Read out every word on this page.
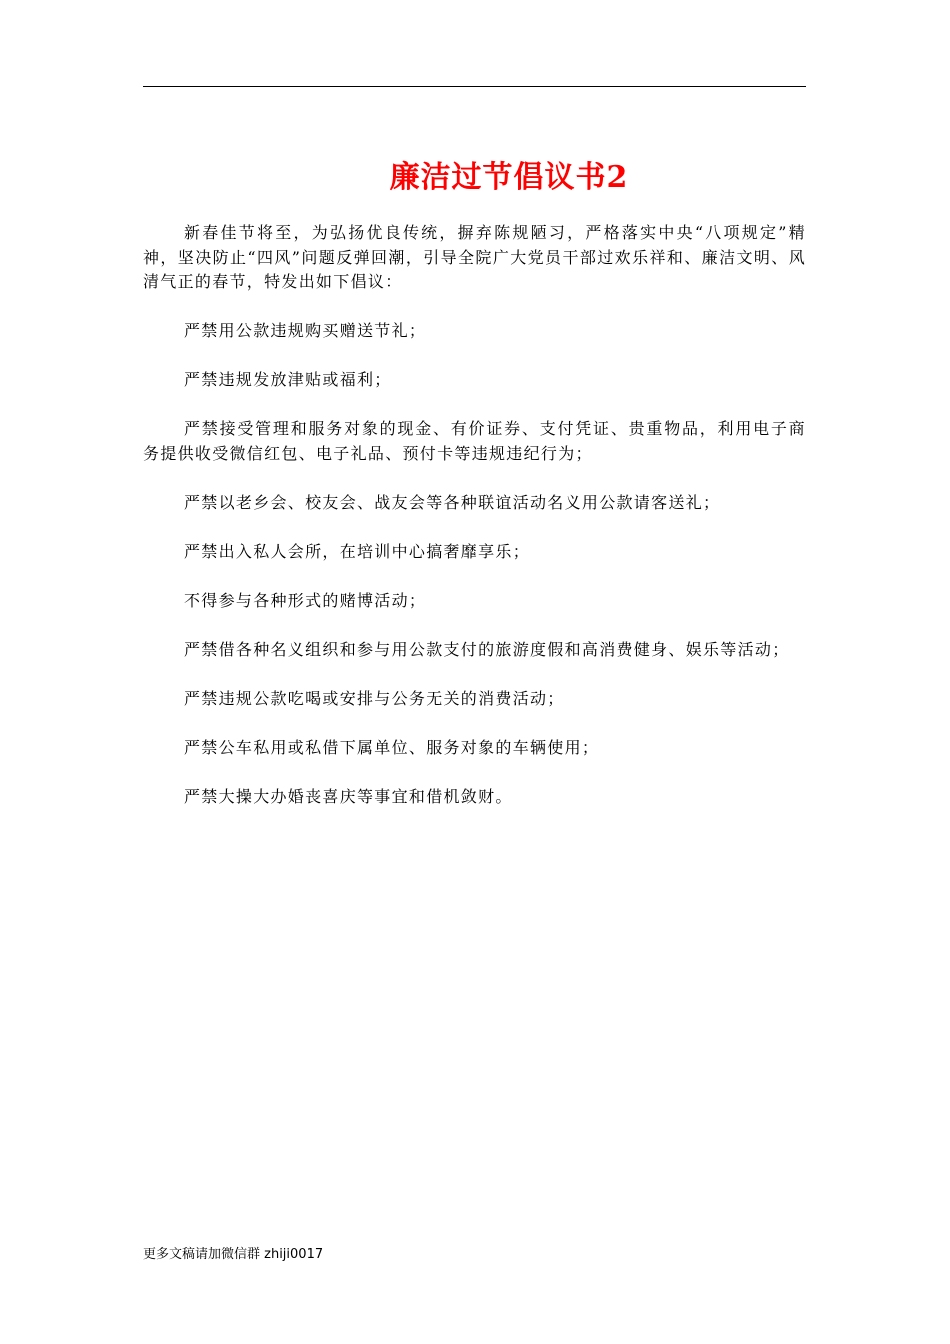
廉洁过节倡议书2

新春佳节将至，为弘扬优良传统，摒弃陈规陋习，严格落实中央“八项规定”精神，坚决防止“四风”问题反弹回潮，引导全院广大党员干部过欢乐祥和、廉洁文明、风清气正的春节，特发出如下倡议：

严禁用公款违规购买赠送节礼；

严禁违规发放津贴或福利；

严禁接受管理和服务对象的现金、有价证券、支付凭证、贵重物品，利用电子商务提供收受微信红包、电子礼品、预付卡等违规违纪行为；

严禁以老乡会、校友会、战友会等各种联谊活动名义用公款请客送礼；

严禁出入私人会所，在培训中心搞奢靡享乐；

不得参与各种形式的赌博活动；

严禁借各种名义组织和参与用公款支付的旅游度假和高消费健身、娱乐等活动；

严禁违规公款吃喝或安排与公务无关的消费活动；

严禁公车私用或私借下属单位、服务对象的车辆使用；

严禁大操大办婚丧喜庆等事宜和借机敛财。

更多文稿请加微信群 zhiji0017
